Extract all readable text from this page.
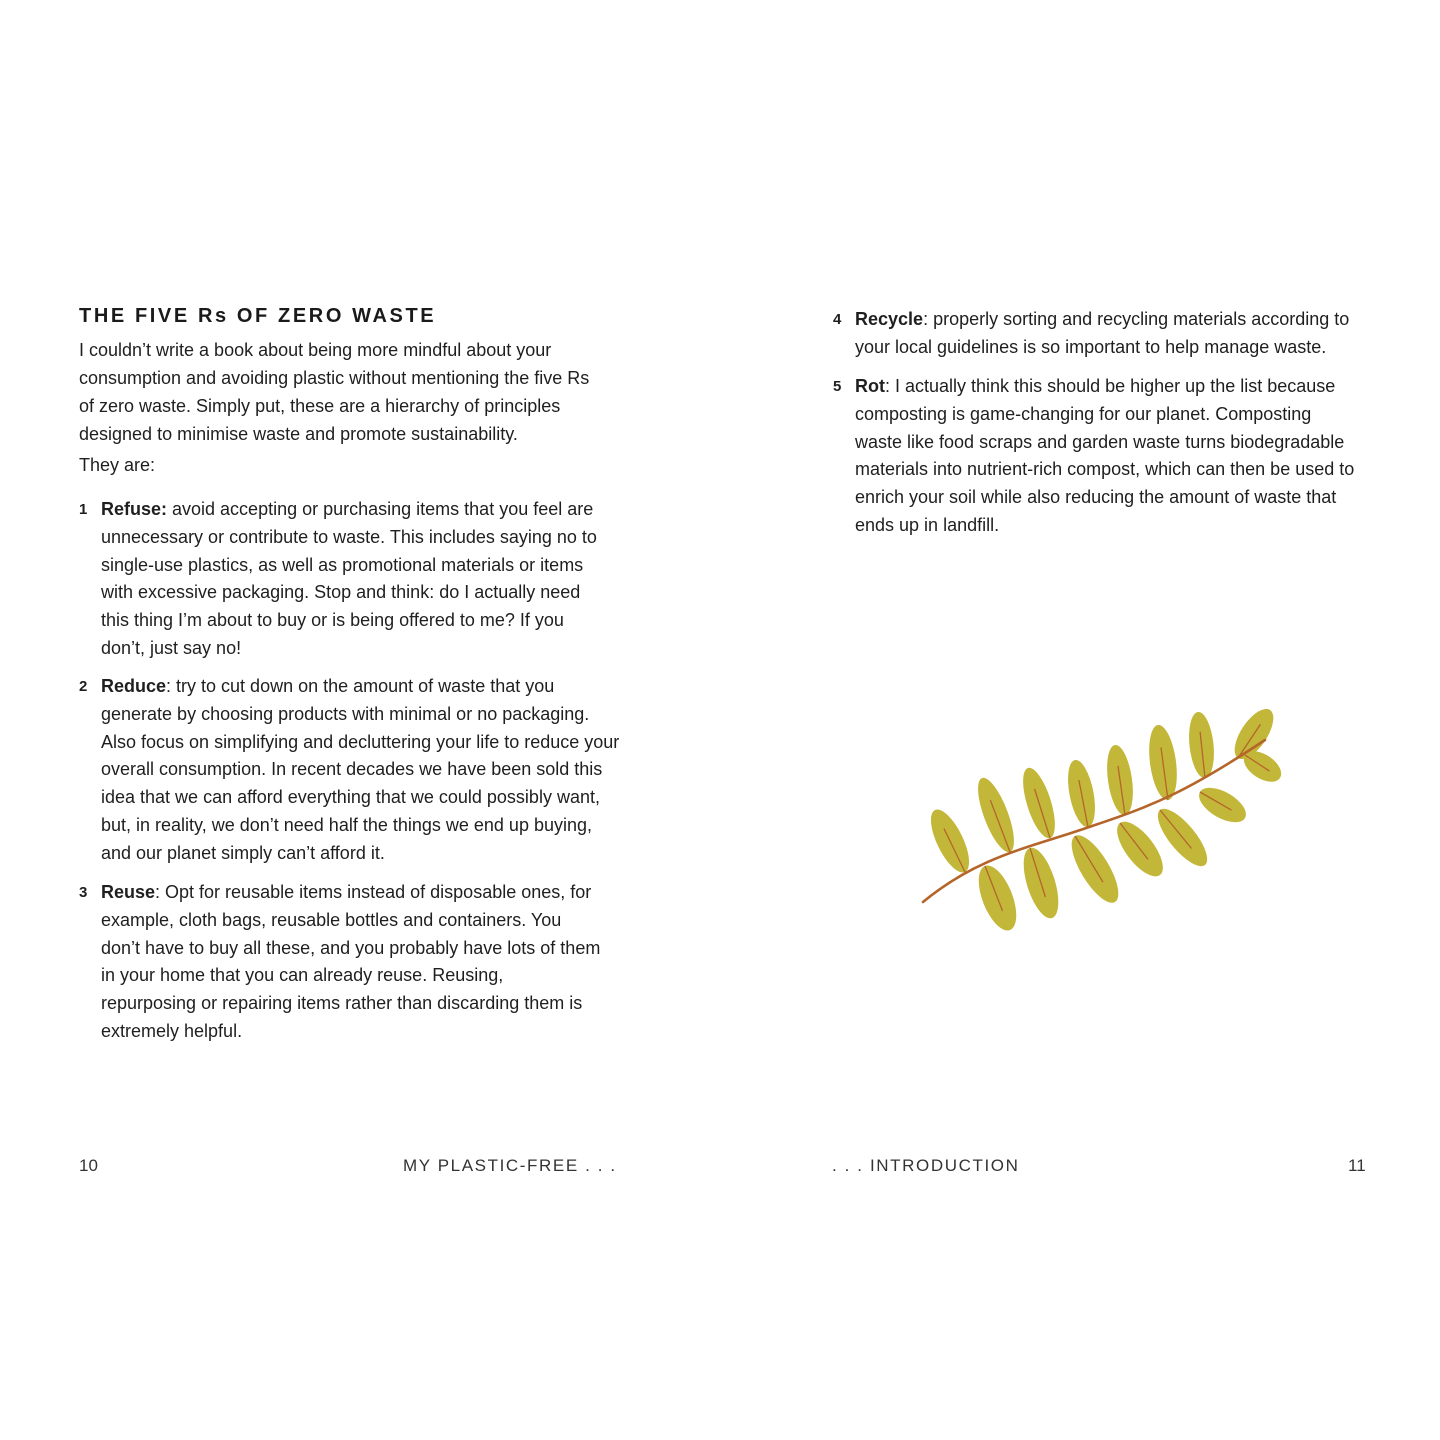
THE FIVE Rs OF ZERO WASTE

I couldn’t write a book about being more mindful about your consumption and avoiding plastic without mentioning the five Rs of zero waste. Simply put, these are a hierarchy of principles designed to minimise waste and promote sustainability.

They are:

1 Refuse: avoid accepting or purchasing items that you feel are unnecessary or contribute to waste. This includes saying no to single-use plastics, as well as promotional materials or items with excessive packaging. Stop and think: do I actually need this thing I’m about to buy or is being offered to me? If you don’t, just say no!

2 Reduce: try to cut down on the amount of waste that you generate by choosing products with minimal or no packaging. Also focus on simplifying and decluttering your life to reduce your overall consumption. In recent decades we have been sold this idea that we can afford everything that we could possibly want, but, in reality, we don’t need half the things we end up buying, and our planet simply can’t afford it.

3 Reuse: Opt for reusable items instead of disposable ones, for example, cloth bags, reusable bottles and containers. You don’t have to buy all these, and you probably have lots of them in your home that you can already reuse. Reusing, repurposing or repairing items rather than discarding them is extremely helpful.

10	MY PLASTIC-FREE . . .
4 Recycle: properly sorting and recycling materials according to your local guidelines is so important to help manage waste.

5 Rot: I actually think this should be higher up the list because composting is game-changing for our planet. Composting waste like food scraps and garden waste turns biodegradable materials into nutrient-rich compost, which can then be used to enrich your soil while also reducing the amount of waste that ends up in landfill.

. . . INTRODUCTION	11
